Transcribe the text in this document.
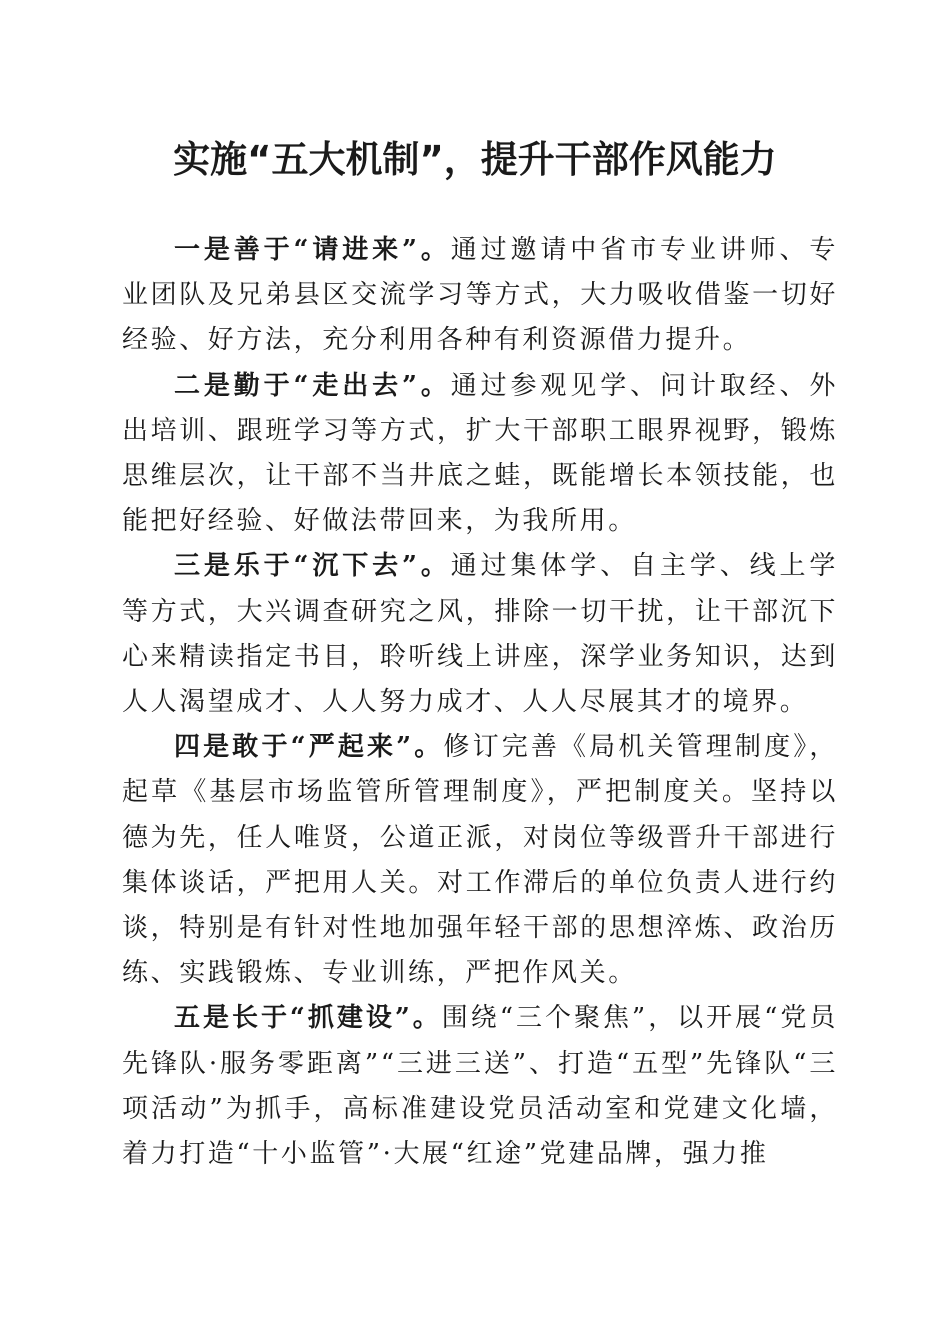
实施“五大机制”，提升干部作风能力

一是善于“请进来”。通过邀请中省市专业讲师、专业团队及兄弟县区交流学习等方式，大力吸收借鉴一切好经验、好方法，充分利用各种有利资源借力提升。

二是勤于“走出去”。通过参观见学、问计取经、外出培训、跟班学习等方式，扩大干部职工眼界视野，锻炼思维层次，让干部不当井底之蛙，既能增长本领技能，也能把好经验、好做法带回来，为我所用。

三是乐于“沉下去”。通过集体学、自主学、线上学等方式，大兴调查研究之风，排除一切干扰，让干部沉下心来精读指定书目，聆听线上讲座，深学业务知识，达到人人渴望成才、人人努力成才、人人尽展其才的境界。

四是敢于“严起来”。修订完善《局机关管理制度》，起草《基层市场监管所管理制度》，严把制度关。坚持以德为先，任人唯贤，公道正派，对岗位等级晋升干部进行集体谈话，严把用人关。对工作滞后的单位负责人进行约谈，特别是有针对性地加强年轻干部的思想淬炼、政治历练、实践锻炼、专业训练，严把作风关。

五是长于“抓建设”。围绕“三个聚焦”，以开展“党员先锋队·服务零距离”“三进三送”、打造“五型”先锋队“三项活动”为抓手，高标准建设党员活动室和党建文化墙，着力打造“十小监管”·大展“红途”党建品牌，强力推
